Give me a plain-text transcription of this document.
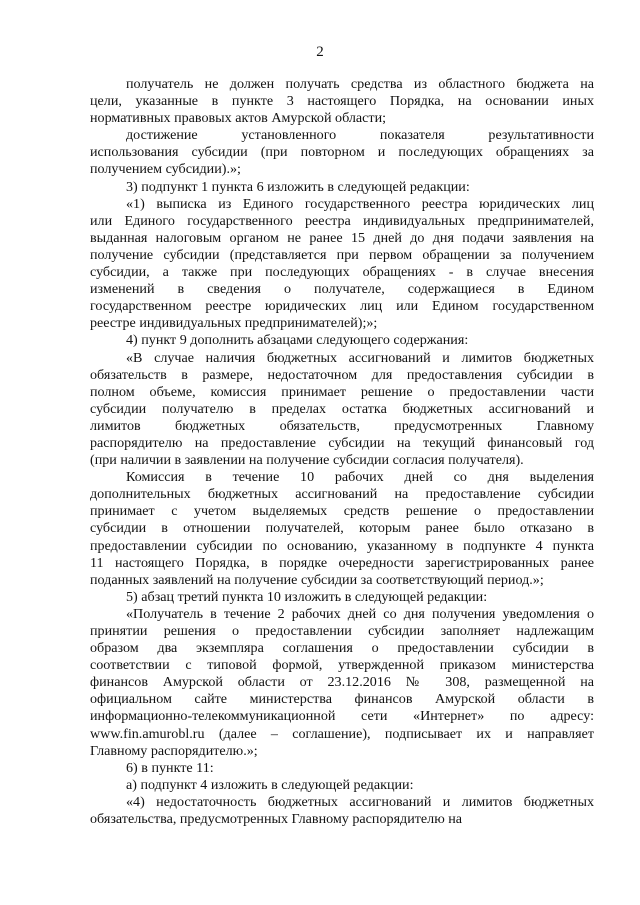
2

получатель не должен получать средства из областного бюджета на

цели, указанные в пункте 3 настоящего Порядка, на основании иных

нормативных правовых актов Амурской области;

достижение установленного показателя результативности

использования субсидии (при повторном и последующих обращениях за

получением субсидии).»;

3) подпункт 1 пункта 6 изложить в следующей редакции:

«1) выписка из Единого государственного реестра юридических лиц

или Единого государственного реестра индивидуальных предпринимателей,

выданная налоговым органом не ранее 15 дней до дня подачи заявления на

получение субсидии (представляется при первом обращении за получением

субсидии, а также при последующих обращениях - в случае внесения

изменений в сведения о получателе, содержащиеся в Едином

государственном реестре юридических лиц или Едином государственном

реестре индивидуальных предпринимателей);»;

4) пункт 9 дополнить абзацами следующего содержания:

«В случае наличия бюджетных ассигнований и лимитов бюджетных

обязательств в размере, недостаточном для предоставления субсидии в

полном объеме, комиссия принимает решение о предоставлении части

субсидии получателю в пределах остатка бюджетных ассигнований и

лимитов бюджетных обязательств, предусмотренных Главному

распорядителю на предоставление субсидии на текущий финансовый год

(при наличии в заявлении на получение субсидии согласия получателя).

Комиссия в течение 10 рабочих дней со дня выделения

дополнительных бюджетных ассигнований на предоставление субсидии

принимает с учетом выделяемых средств решение о предоставлении

субсидии в отношении получателей, которым ранее было отказано в

предоставлении субсидии по основанию, указанному в подпункте 4 пункта

11 настоящего Порядка, в порядке очередности зарегистрированных ранее

поданных заявлений на получение субсидии за соответствующий период.»;

5) абзац третий пункта 10 изложить в следующей редакции:

«Получатель в течение 2 рабочих дней со дня получения уведомления о

принятии решения о предоставлении субсидии заполняет надлежащим

образом два экземпляра соглашения о предоставлении субсидии в

соответствии с типовой формой, утвержденной приказом министерства

финансов Амурской области от 23.12.2016 № 308, размещенной на

официальном сайте министерства финансов Амурской области в

информационно-телекоммуникационной сети «Интернет» по адресу:

www.fin.amurobl.ru (далее – соглашение), подписывает их и направляет

Главному распорядителю.»;

6) в пункте 11:

а) подпункт 4 изложить в следующей редакции:

«4) недостаточность бюджетных ассигнований и лимитов бюджетных

обязательства, предусмотренных Главному распорядителю на
